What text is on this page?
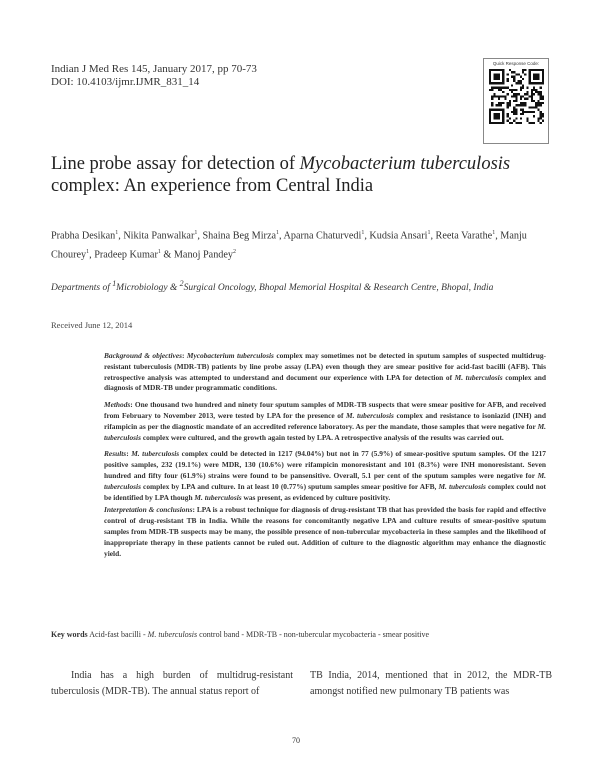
Indian J Med Res 145, January 2017, pp 70-73
DOI: 10.4103/ijmr.IJMR_831_14
Quick Response Code:
Line probe assay for detection of Mycobacterium tuberculosis
complex: An experience from Central India
Prabha Desikan$^1$, Nikita Panwalkar$^1$, Shaina Beg Mirza$^1$, Aparna Chaturvedi$^1$, Kudsia Ansari$^1$, Reeta Varathe$^1$, Manju Chourey$^1$, Pradeep Kumar$^1$ & Manoj Pandey$^2$
Departments of $^1$Microbiology & $^2$Surgical Oncology, Bhopal Memorial Hospital & Research Centre, Bhopal, India
Received June 12, 2014

Background & objectives: Mycobacterium tuberculosis complex may sometimes not be detected in sputum samples of suspected multidrug-resistant tuberculosis (MDR-TB) patients by line probe assay (LPA) even though they are smear positive for acid-fast bacilli (AFB). This retrospective analysis was attempted to understand and document our experience with LPA for detection of M. tuberculosis complex and diagnosis of MDR-TB under programmatic conditions.

Methods: One thousand two hundred and ninety four sputum samples of MDR-TB suspects that were smear positive for AFB, and received from February to November 2013, were tested by LPA for the presence of M. tuberculosis complex and resistance to isoniazid (INH) and rifampicin as per the diagnostic mandate of an accredited reference laboratory. As per the mandate, those samples that were negative for M. tuberculosis complex were cultured, and the growth again tested by LPA. A retrospective analysis of the results was carried out.

Results: M. tuberculosis complex could be detected in 1217 (94.04%) but not in 77 (5.9%) of smear-positive sputum samples. Of the 1217 positive samples, 232 (19.1%) were MDR, 130 (10.6%) were rifampicin monoresistant and 101 (8.3%) were INH monoresistant. Seven hundred and fifty four (61.9%) strains were found to be pansensitive. Overall, 5.1 per cent of the sputum samples were negative for M. tuberculosis complex by LPA and culture. In at least 10 (0.77%) sputum samples smear positive for AFB, M. tuberculosis complex could not be identified by LPA though M. tuberculosis was present, as evidenced by culture positivity.

Interpretation & conclusions: LPA is a robust technique for diagnosis of drug-resistant TB that has provided the basis for rapid and effective control of drug-resistant TB in India. While the reasons for concomitantly negative LPA and culture results of smear-positive sputum samples from MDR-TB suspects may be many, the possible presence of non-tubercular mycobacteria in these samples and the likelihood of inappropriate therapy in these patients cannot be ruled out. Addition of culture to the diagnostic algorithm may enhance the diagnostic yield.

Key words Acid-fast bacilli - M. tuberculosis control band - MDR-TB - non-tubercular mycobacteria - smear positive
India has a high burden of multidrug-resistant tuberculosis (MDR-TB). The annual status report of
TB India, 2014, mentioned that in 2012, the MDR-TB amongst notified new pulmonary TB patients was
70
